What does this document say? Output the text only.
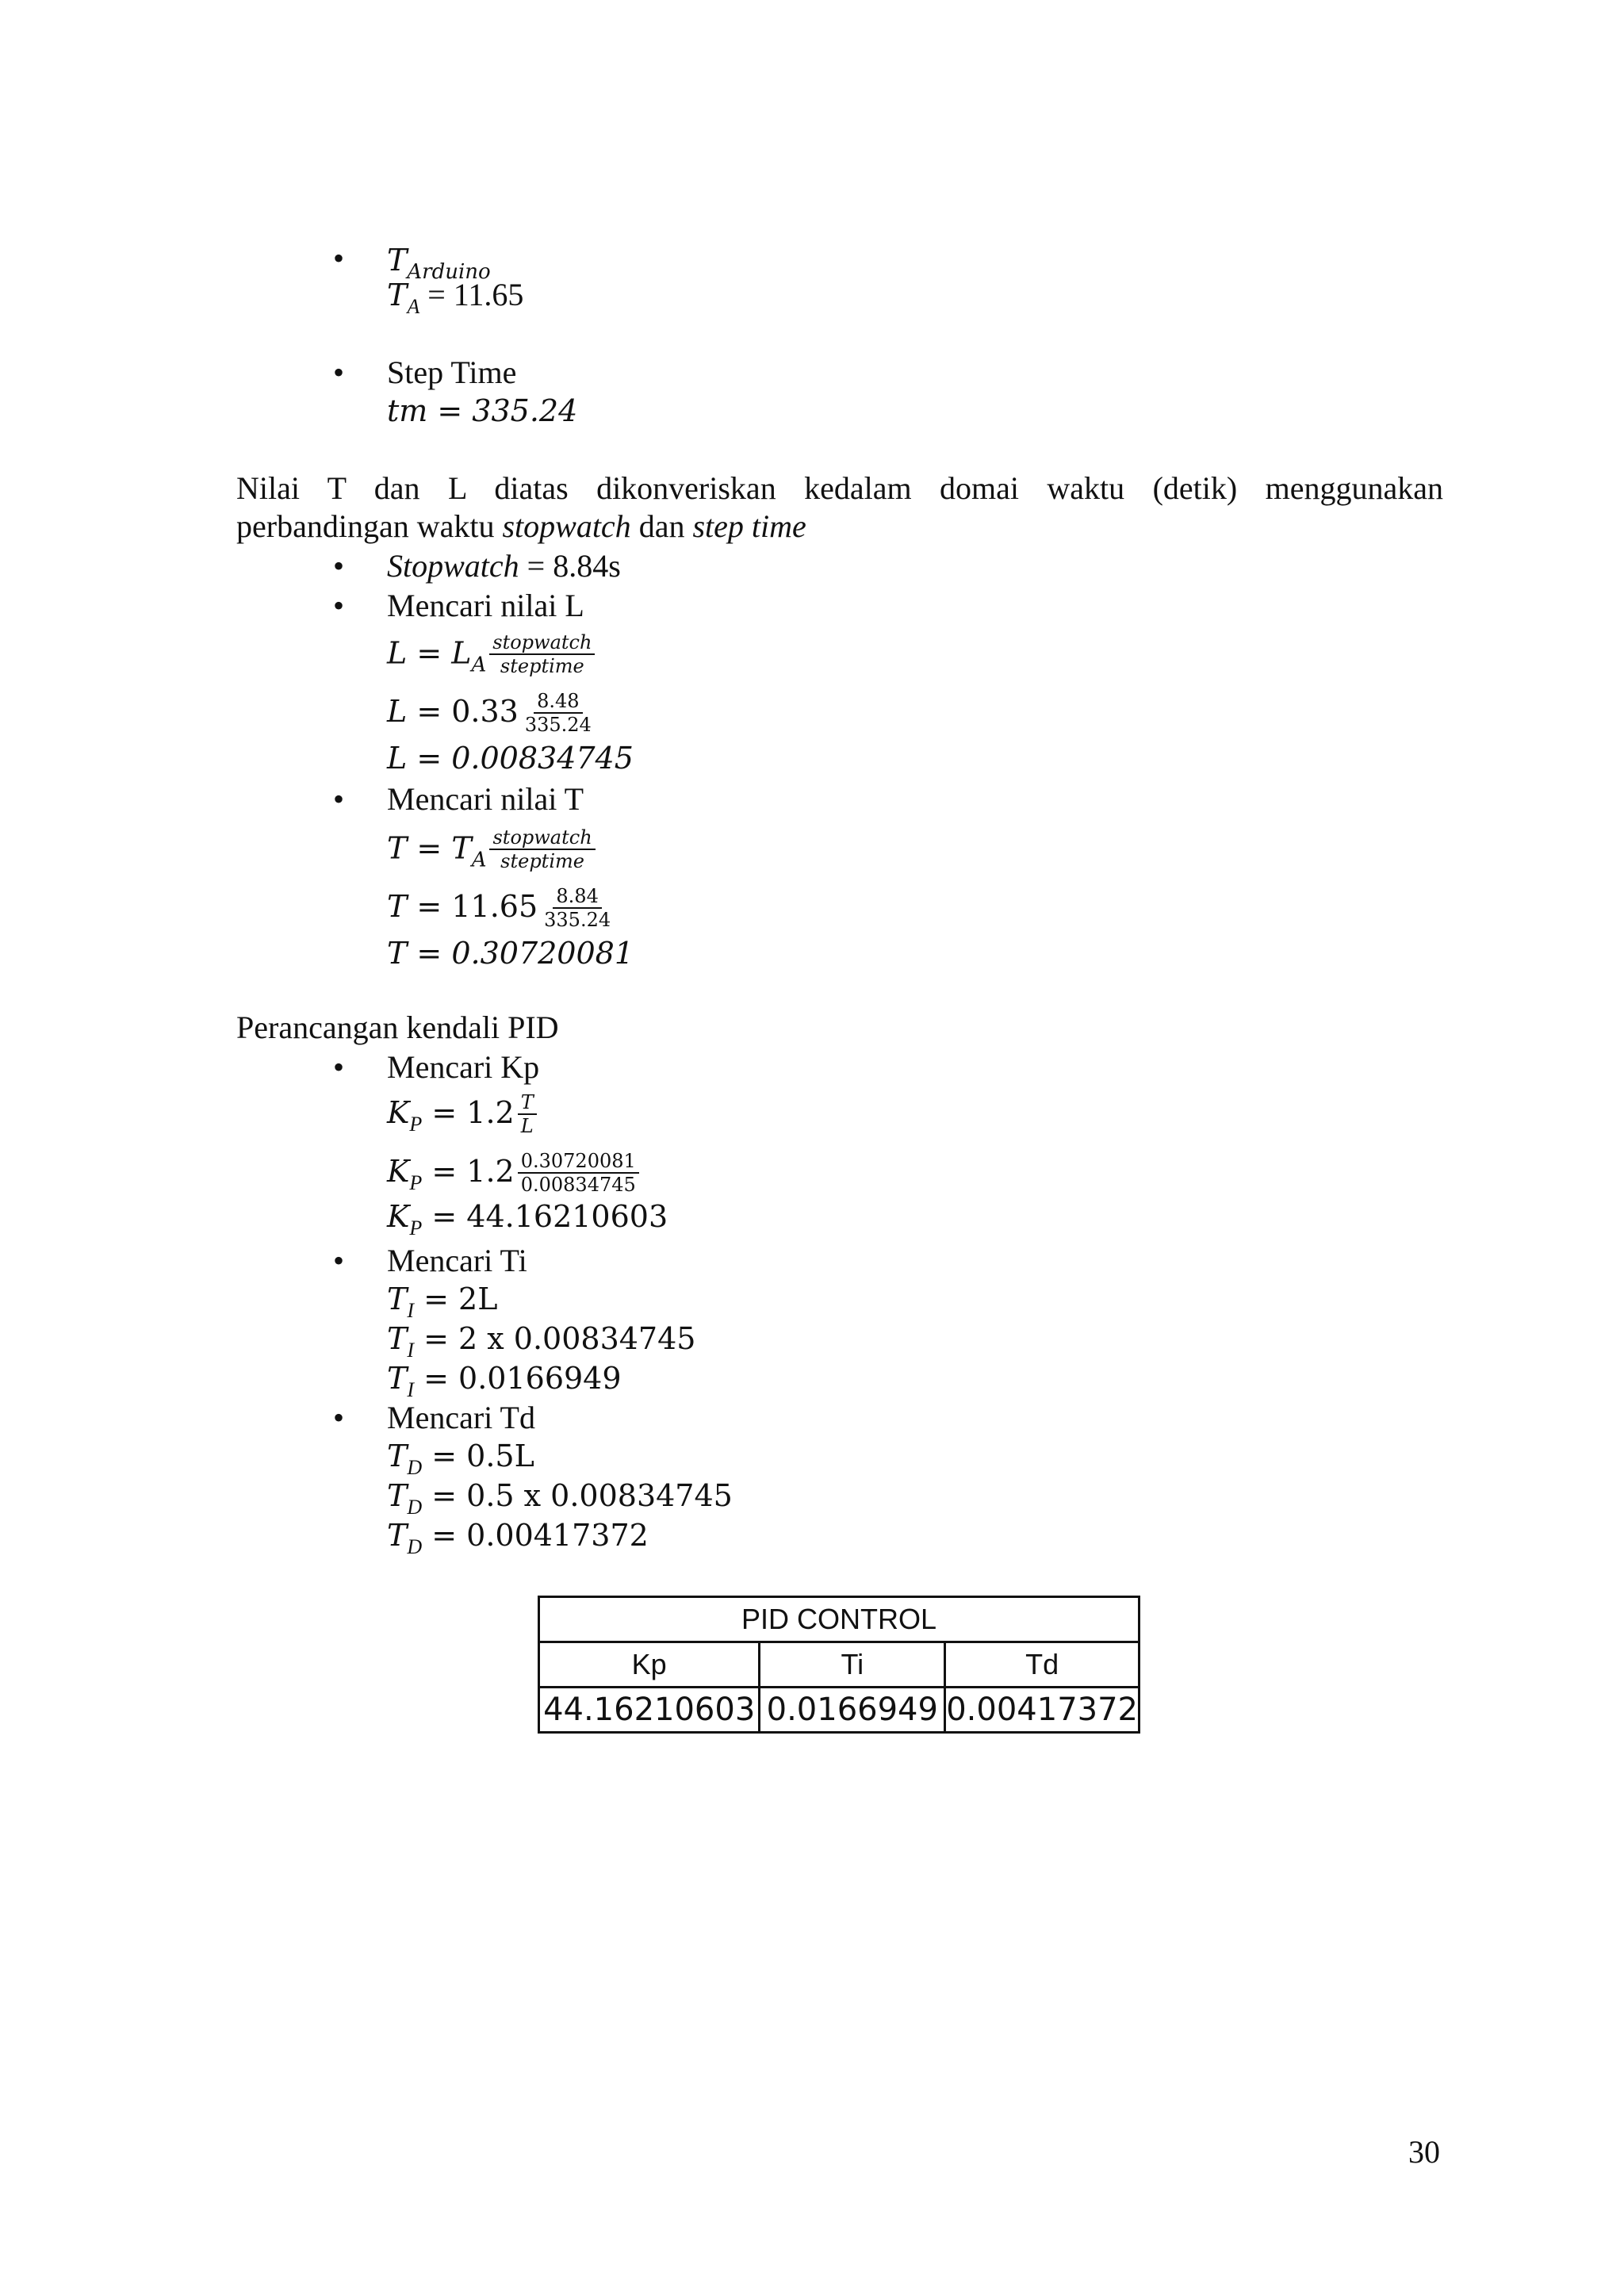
• $T_{Arduino}$
$T_A = 11.65$
• Step Time
tm = 335.24
Nilai T dan L diatas dikonveriskan kedalam domai waktu (detik) menggunakan
perbandingan waktu stopwatch dan step time
• Stopwatch = 8.84s
• Mencari nilai L
$L = L_A \frac{\text{stopwatch}}{\text{steptime}}$
$L = 0.33 \frac{8.48}{335.24}$
L = 0.00834745
• Mencari nilai T
$T = T_A \frac{\text{stopwatch}}{\text{steptime}}$
$T = 11.65 \frac{8.84}{335.24}$
T = 0.30720081
Perancangan kendali PID
• Mencari Kp
$K_P = 1.2 \frac{T}{L}$
$K_P = 1.2 \frac{0.30720081}{0.00834745}$
$K_P = 44.16210603$
• Mencari Ti
$T_I = 2L$
$T_I = 2$ x 0.00834745
$T_I = 0.0166949$
• Mencari Td
$T_D = 0.5L$
$T_D = 0.5$ x 0.00834745
$T_D = 0.00417372$
PID CONTROL		
Kp	Ti	Td
44.16210603	0.0166949	0.00417372
30
